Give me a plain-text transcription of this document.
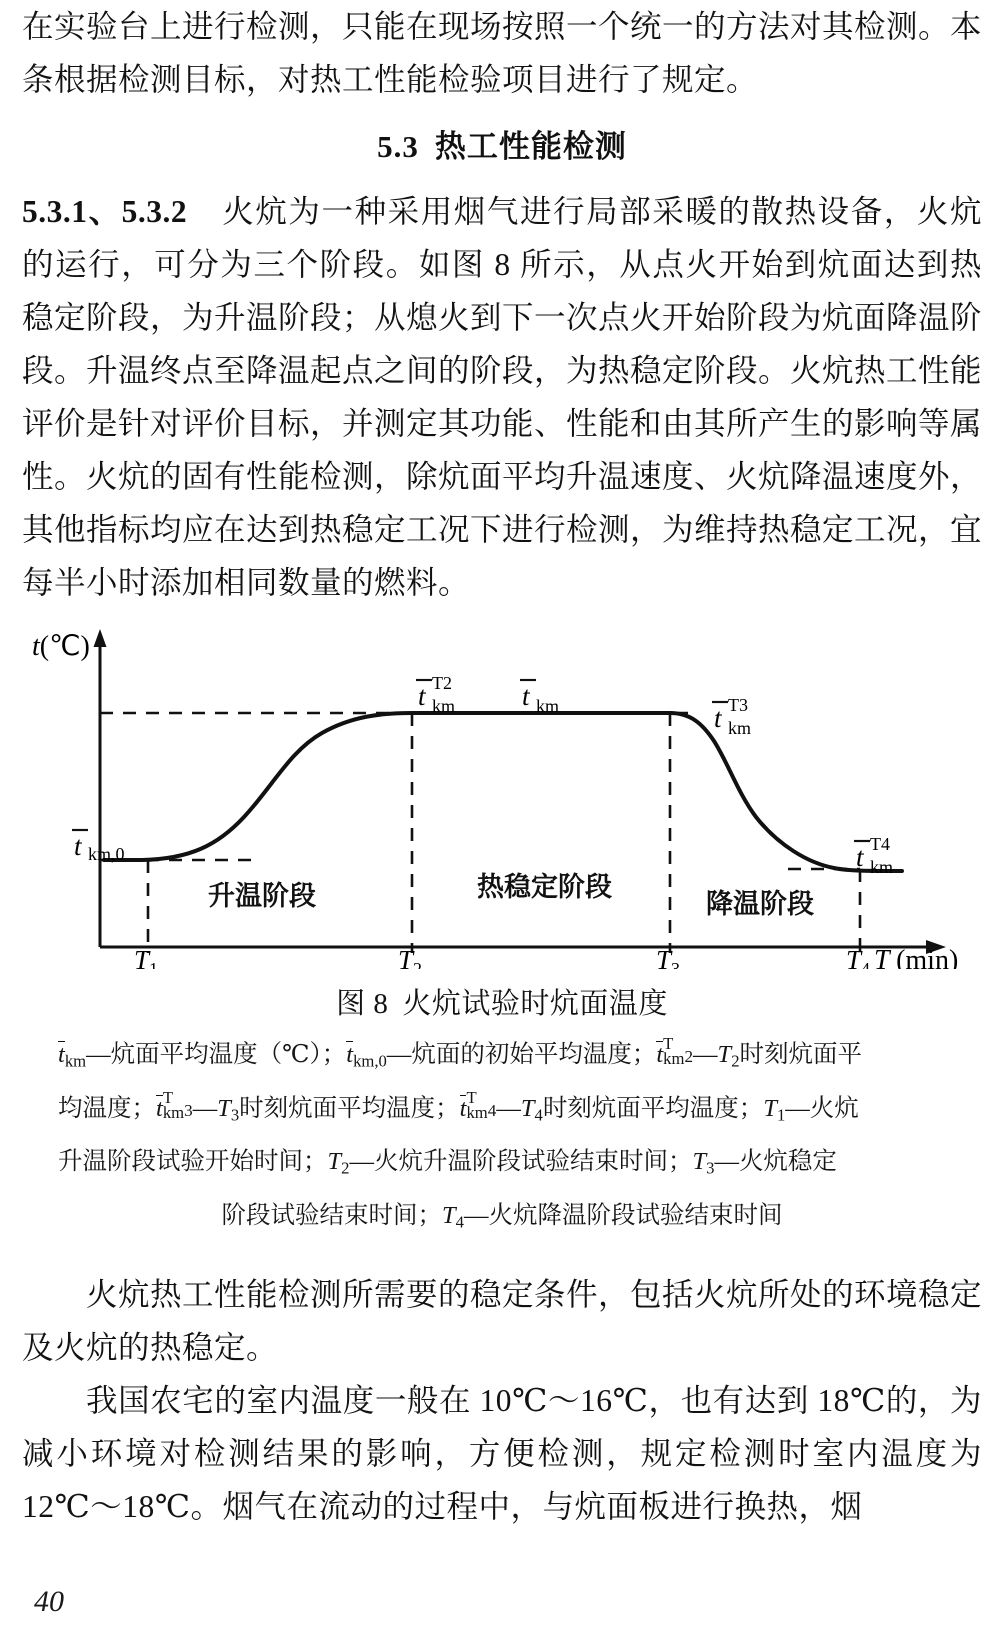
在实验台上进行检测，只能在现场按照一个统一的方法对其检测。本条根据检测目标，对热工性能检验项目进行了规定。

5.3 热工性能检测

5.3.1、5.3.2 火炕为一种采用烟气进行局部采暖的散热设备，火炕的运行，可分为三个阶段。如图 8 所示，从点火开始到炕面达到热稳定阶段，为升温阶段；从熄火到下一次点火开始阶段为炕面降温阶段。升温终点至降温起点之间的阶段，为热稳定阶段。火炕热工性能评价是针对评价目标，并测定其功能、性能和由其所产生的影响等属性。火炕的固有性能检测，除炕面平均升温速度、火炕降温速度外，其他指标均应在达到热稳定工况下进行检测，为维持热稳定工况，宜每半小时添加相同数量的燃料。

t(℃)
T (min)
t km,0
t T2
km t km	t T3
km
t T4
km
升温阶段	热稳定阶段
降温阶段
$T_1$	$T_2$	$T_3$	$T_4$
图 8 火炕试验时炕面温度
$t_{km}—$炕面平均温度（℃）；$t_{km,0}—$炕面的初始平均温度；t T
km $2—T_2$时刻炕面平
均温度；t T
km $3—T_3$时刻炕面平均温度；t T
km $4—T_4$时刻炕面平均温度；$T_1—$火炕
升温阶段试验开始时间；$T_2—$火炕升温阶段试验结束时间；$T_3—$火炕稳定
阶段试验结束时间；$T_4—$火炕降温阶段试验结束时间

火炕热工性能检测所需要的稳定条件，包括火炕所处的环境稳定及火炕的热稳定。

我国农宅的室内温度一般在 10℃～16℃，也有达到 18℃的，为减小环境对检测结果的影响，方便检测，规定检测时室内温度为 12℃～18℃。烟气在流动的过程中，与炕面板进行换热，烟

40
